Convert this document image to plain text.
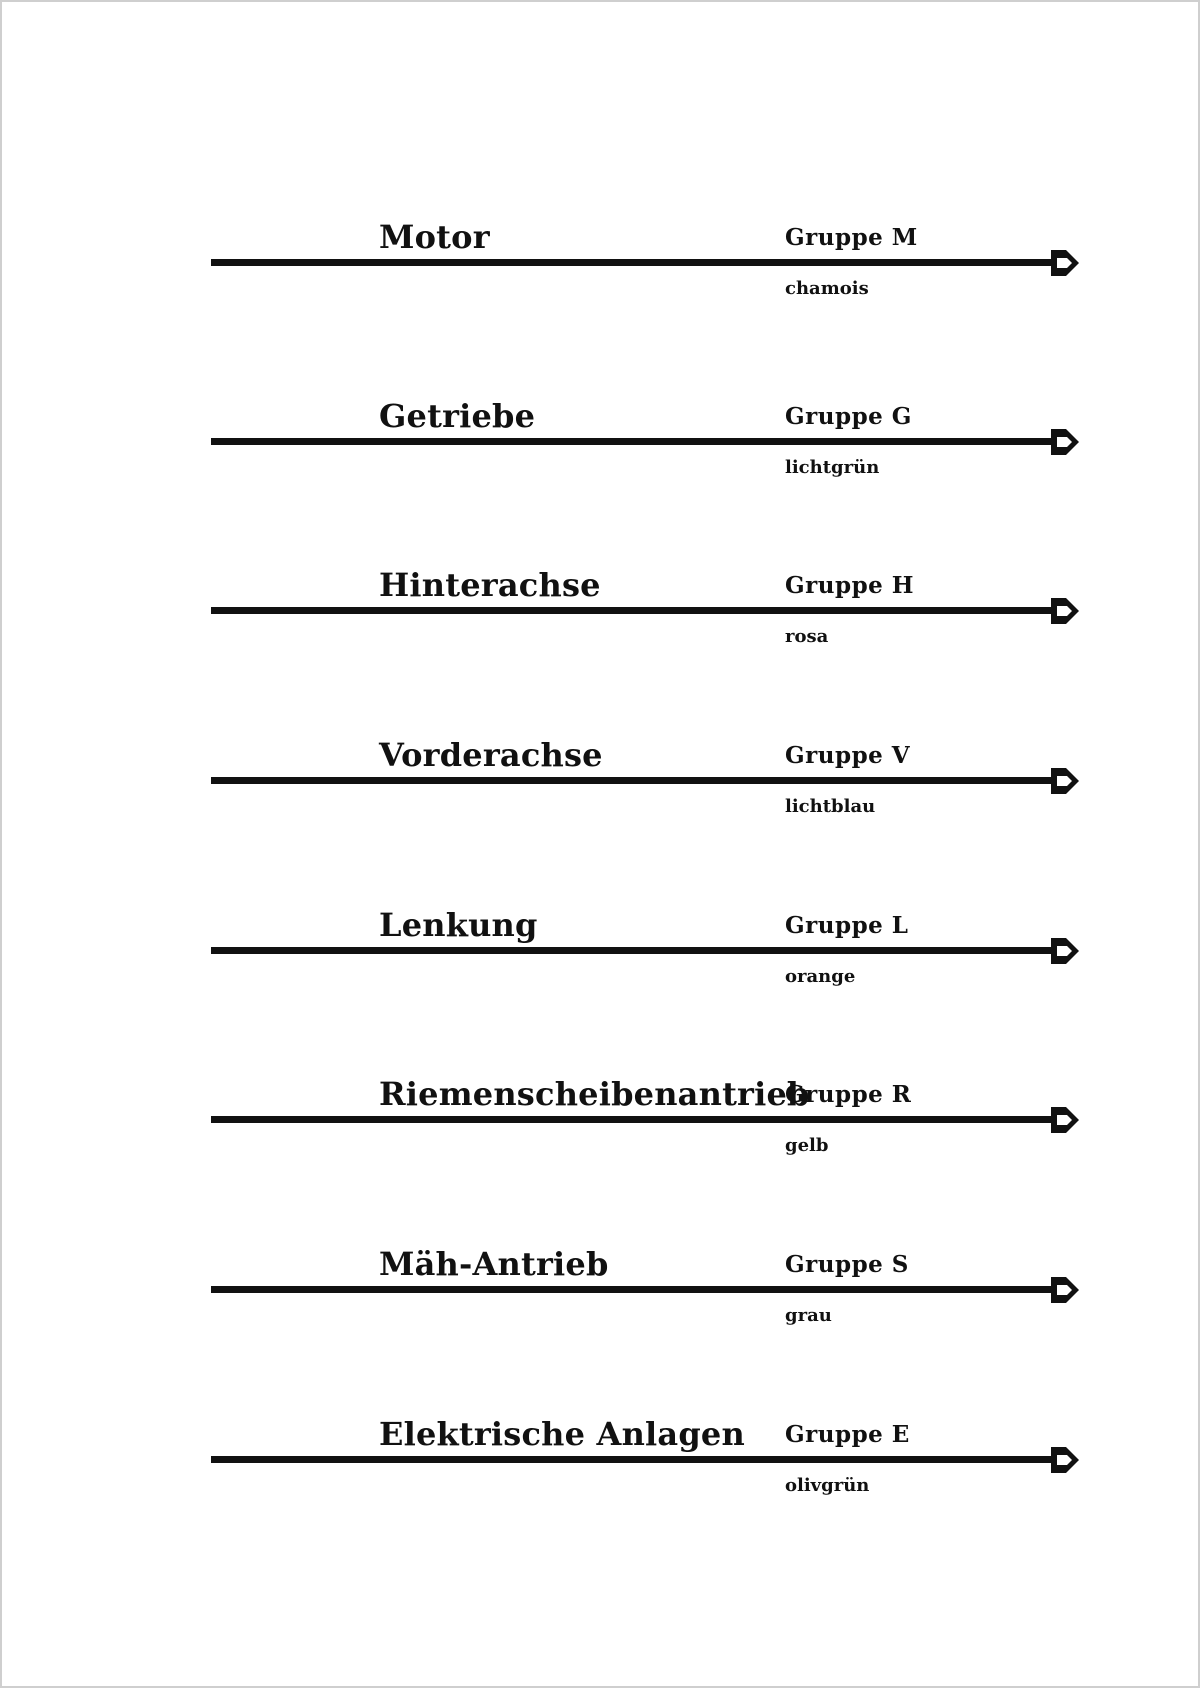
Motor	Gruppe M
chamois
Getriebe	Gruppe G
lichtgrün
Hinterachse	Gruppe H
rosa
Vorderachse	Gruppe V
lichtblau
Lenkung	Gruppe L
orange
Riemenscheibenantrieb
Gruppe R
gelb
Mäh-Antrieb	Gruppe S
grau
Elektrische Anlagen Gruppe E
olivgrün
